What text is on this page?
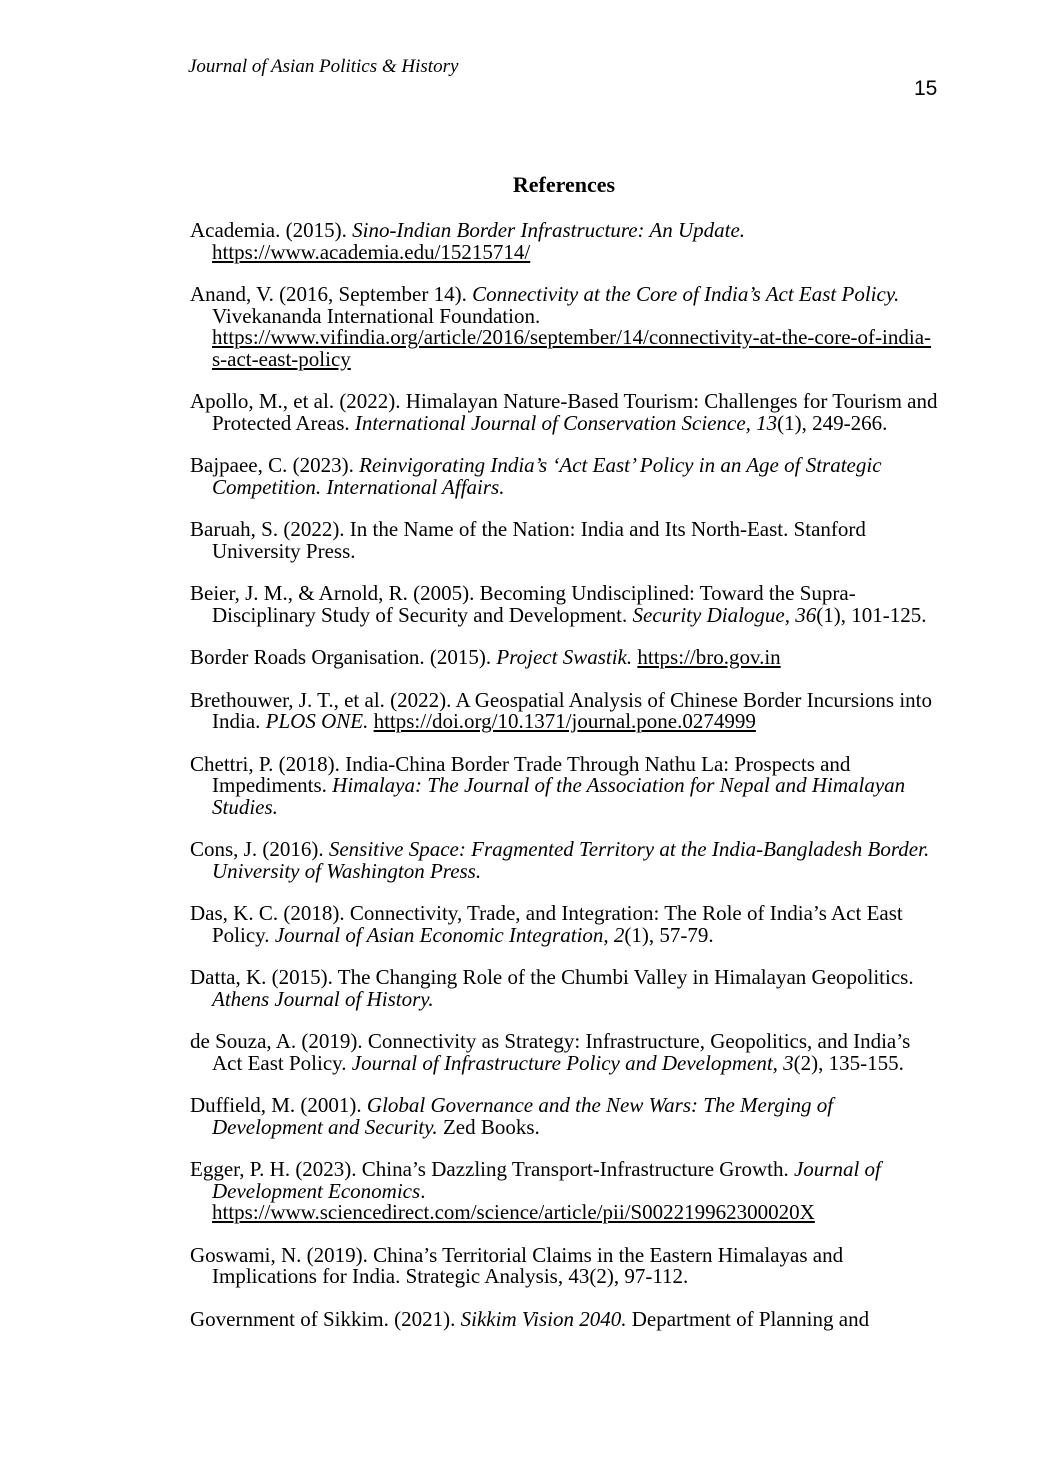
Journal of Asian Politics & History
15
References

Academia. (2015). Sino-Indian Border Infrastructure: An Update. https://www.academia.edu/15215714/

Anand, V. (2016, September 14). Connectivity at the Core of India’s Act East Policy. Vivekananda International Foundation. https://www.vifindia.org/article/2016/september/14/connectivity-at-the-core-of-india-s-act-east-policy

Apollo, M., et al. (2022). Himalayan Nature-Based Tourism: Challenges for Tourism and Protected Areas. International Journal of Conservation Science, 13(1), 249-266.

Bajpaee, C. (2023). Reinvigorating India’s ‘Act East’ Policy in an Age of Strategic Competition. International Affairs.

Baruah, S. (2022). In the Name of the Nation: India and Its North-East. Stanford University Press.

Beier, J. M., & Arnold, R. (2005). Becoming Undisciplined: Toward the Supra-Disciplinary Study of Security and Development. Security Dialogue, 36(1), 101-125.

Border Roads Organisation. (2015). Project Swastik. https://bro.gov.in

Brethouwer, J. T., et al. (2022). A Geospatial Analysis of Chinese Border Incursions into India. PLOS ONE. https://doi.org/10.1371/journal.pone.0274999

Chettri, P. (2018). India-China Border Trade Through Nathu La: Prospects and Impediments. Himalaya: The Journal of the Association for Nepal and Himalayan Studies.

Cons, J. (2016). Sensitive Space: Fragmented Territory at the India-Bangladesh Border. University of Washington Press.

Das, K. C. (2018). Connectivity, Trade, and Integration: The Role of India’s Act East Policy. Journal of Asian Economic Integration, 2(1), 57-79.

Datta, K. (2015). The Changing Role of the Chumbi Valley in Himalayan Geopolitics. Athens Journal of History.

de Souza, A. (2019). Connectivity as Strategy: Infrastructure, Geopolitics, and India’s Act East Policy. Journal of Infrastructure Policy and Development, 3(2), 135-155.

Duffield, M. (2001). Global Governance and the New Wars: The Merging of Development and Security. Zed Books.

Egger, P. H. (2023). China’s Dazzling Transport-Infrastructure Growth. Journal of Development Economics. https://www.sciencedirect.com/science/article/pii/S002219962300020X

Goswami, N. (2019). China’s Territorial Claims in the Eastern Himalayas and Implications for India. Strategic Analysis, 43(2), 97-112.

Government of Sikkim. (2021). Sikkim Vision 2040. Department of Planning and
